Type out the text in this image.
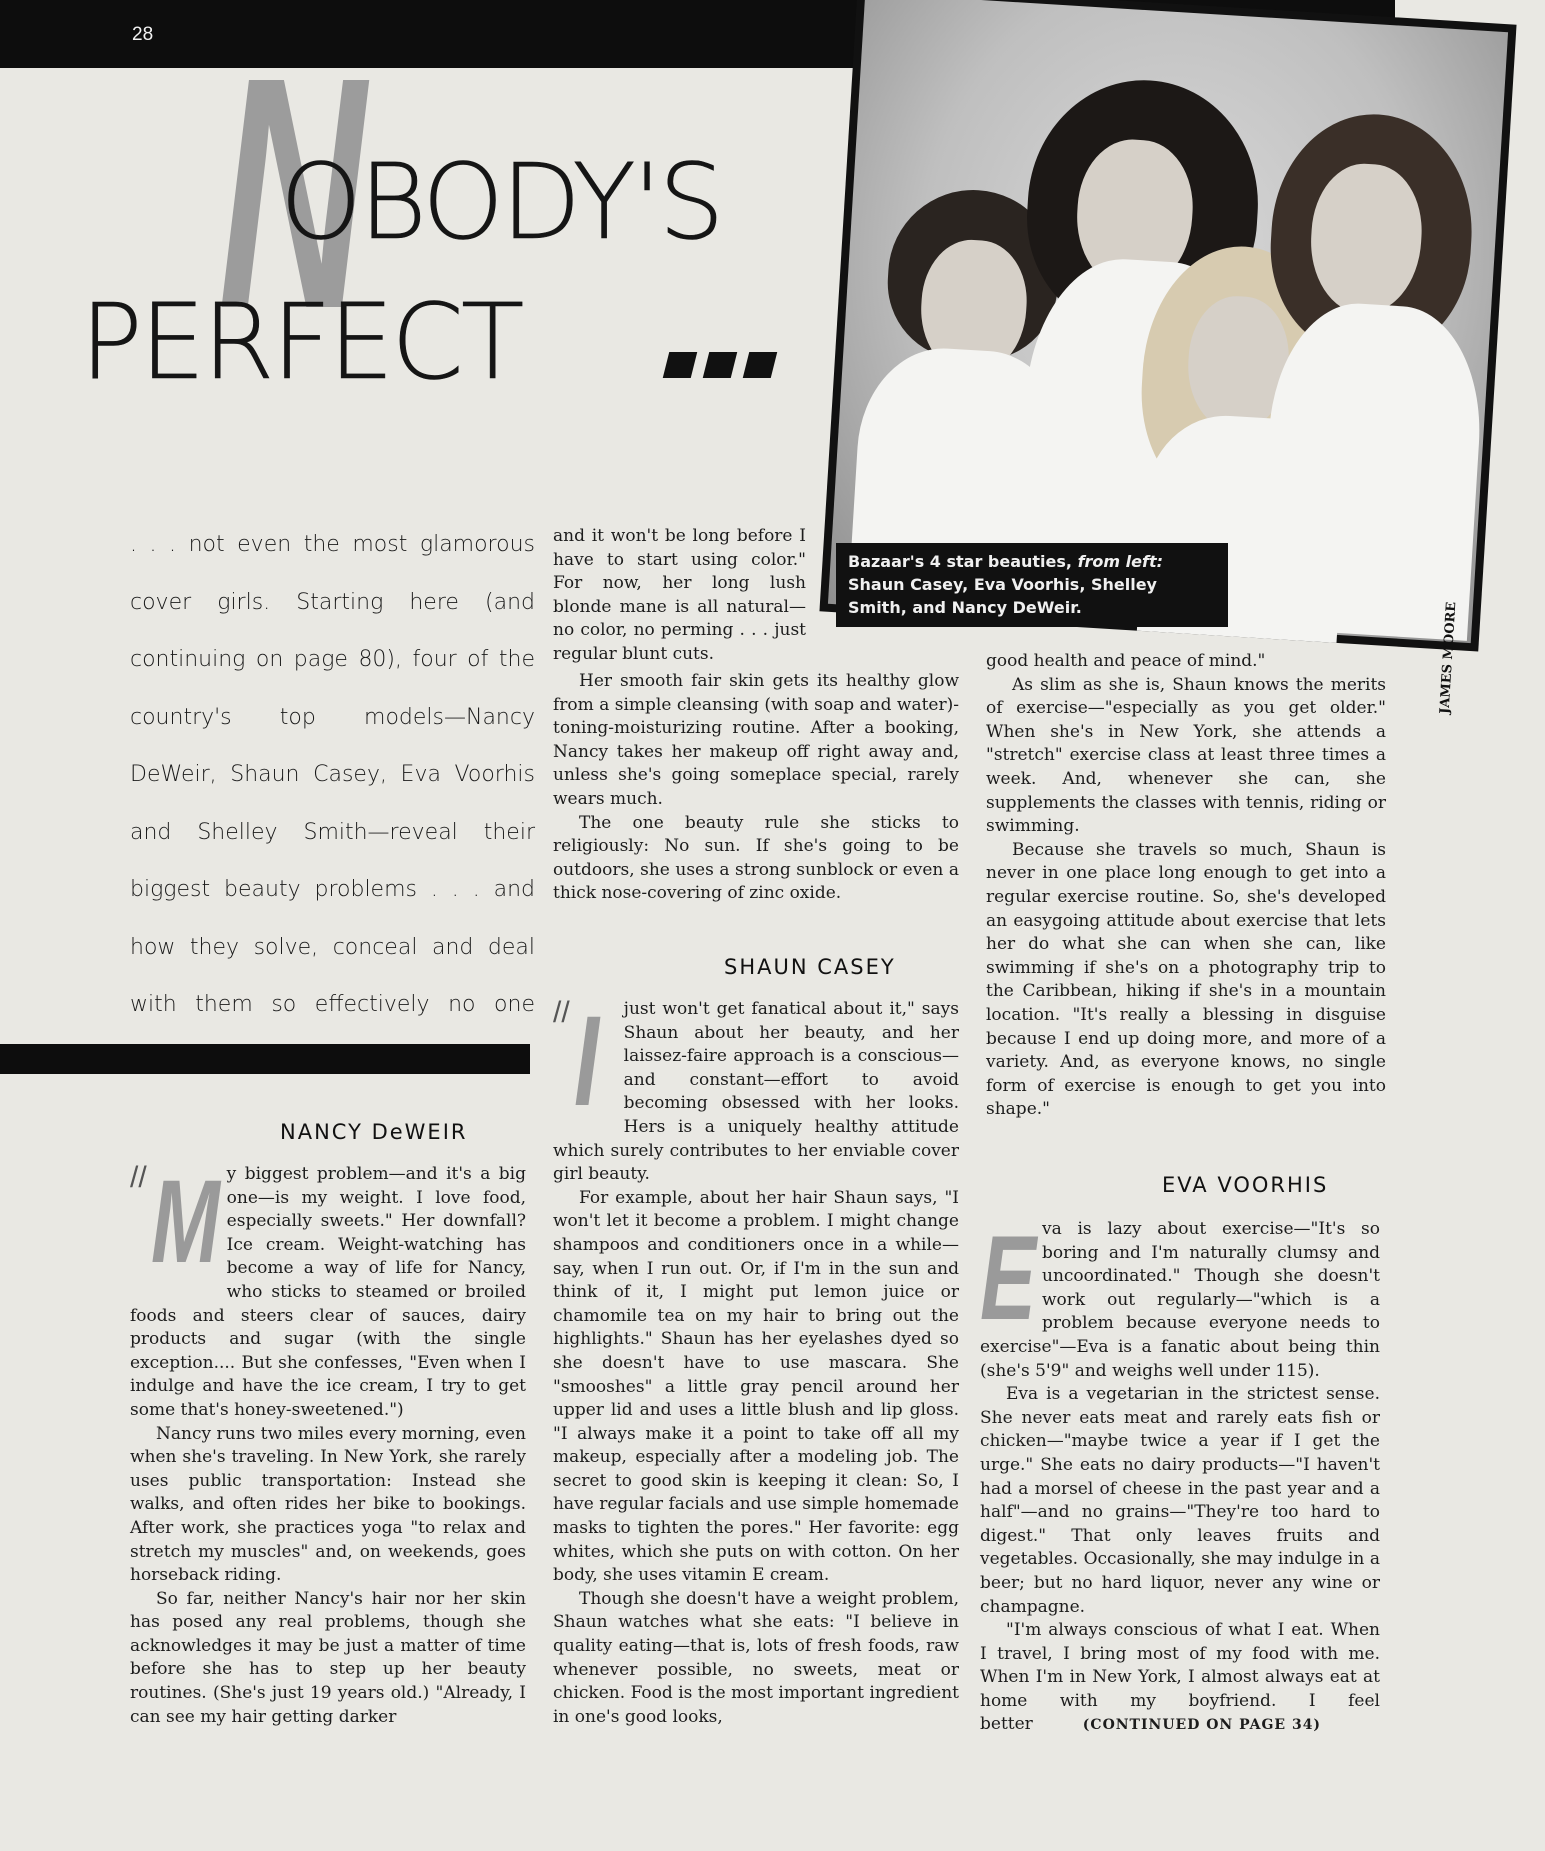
28 N
OBODY'S
PERFECT
JAMES MOORE
Bazaar's 4 star beauties, from left: Shaun Casey, Eva Voorhis, Shelley Smith, and Nancy DeWeir.
. . . not even the most glamorous cover girls. Starting here (and continuing on page 80), four of the country's top models—Nancy DeWeir, Shaun Casey, Eva Voorhis and Shelley Smith—reveal their biggest beauty problems . . . and how they solve, conceal and deal with them so effectively no one
NANCY DeWEIR
// M y biggest problem—and it's a big one—is my weight. I love food, especially sweets." Her downfall? Ice cream. Weight-watching has become a way of life for Nancy, who sticks to steamed or broiled foods and steers clear of sauces, dairy products and sugar (with the single exception.... But she confesses, "Even when I indulge and have the ice cream, I try to get some that's honey-sweetened.")

Nancy runs two miles every morning, even when she's traveling. In New York, she rarely uses public transportation: Instead she walks, and often rides her bike to bookings. After work, she practices yoga "to relax and stretch my muscles" and, on weekends, goes horseback riding.

So far, neither Nancy's hair nor her skin has posed any real problems, though she acknowledges it may be just a matter of time before she has to step up her beauty routines. (She's just 19 years old.) "Already, I can see my hair getting darker

and it won't be long before I have to start using color." For now, her long lush blonde mane is all natural—no color, no perming . . . just regular blunt cuts.

Her smooth fair skin gets its healthy glow from a simple cleansing (with soap and water)-toning-moisturizing routine. After a booking, Nancy takes her makeup off right away and, unless she's going someplace special, rarely wears much.

The one beauty rule she sticks to religiously: No sun. If she's going to be outdoors, she uses a strong sunblock or even a thick nose-covering of zinc oxide.

SHAUN CASEY
// I	just won't get fanatical about it," says Shaun about her beauty, and her laissez-faire approach is a conscious—and constant—effort to avoid becoming obsessed with her looks. Hers is a uniquely healthy attitude which surely contributes to her enviable cover girl beauty.

For example, about her hair Shaun says, "I won't let it become a problem. I might change shampoos and conditioners once in a while—say, when I run out. Or, if I'm in the sun and think of it, I might put lemon juice or chamomile tea on my hair to bring out the highlights." Shaun has her eyelashes dyed so she doesn't have to use mascara. She "smooshes" a little gray pencil around her upper lid and uses a little blush and lip gloss. "I always make it a point to take off all my makeup, especially after a modeling job. The secret to good skin is keeping it clean: So, I have regular facials and use simple homemade masks to tighten the pores." Her favorite: egg whites, which she puts on with cotton. On her body, she uses vitamin E cream.

Though she doesn't have a weight problem, Shaun watches what she eats: "I believe in quality eating—that is, lots of fresh foods, raw whenever possible, no sweets, meat or chicken. Food is the most important ingredient in one's good looks,

good health and peace of mind."

As slim as she is, Shaun knows the merits of exercise—"especially as you get older." When she's in New York, she attends a "stretch" exercise class at least three times a week. And, whenever she can, she supplements the classes with tennis, riding or swimming.

Because she travels so much, Shaun is never in one place long enough to get into a regular exercise routine. So, she's developed an easygoing attitude about exercise that lets her do what she can when she can, like swimming if she's on a photography trip to the Caribbean, hiking if she's in a mountain location. "It's really a blessing in disguise because I end up doing more, and more of a variety. And, as everyone knows, no single form of exercise is enough to get you into shape."

EVA VOORHIS
E va is lazy about exercise—"It's so boring and I'm naturally clumsy and uncoordinated." Though she doesn't work out regularly—"which is a problem because everyone needs to exercise"—Eva is a fanatic about being thin (she's 5'9" and weighs well under 115).

Eva is a vegetarian in the strictest sense. She never eats meat and rarely eats fish or chicken—"maybe twice a year if I get the urge." She eats no dairy products—"I haven't had a morsel of cheese in the past year and a half"—and no grains—"They're too hard to digest." That only leaves fruits and vegetables. Occasionally, she may indulge in a beer; but no hard liquor, never any wine or champagne.

"I'm always conscious of what I eat. When I travel, I bring most of my food with me. When I'm in New York, I almost always eat at home with my boyfriend. I feel better	(CONTINUED ON PAGE 34)
